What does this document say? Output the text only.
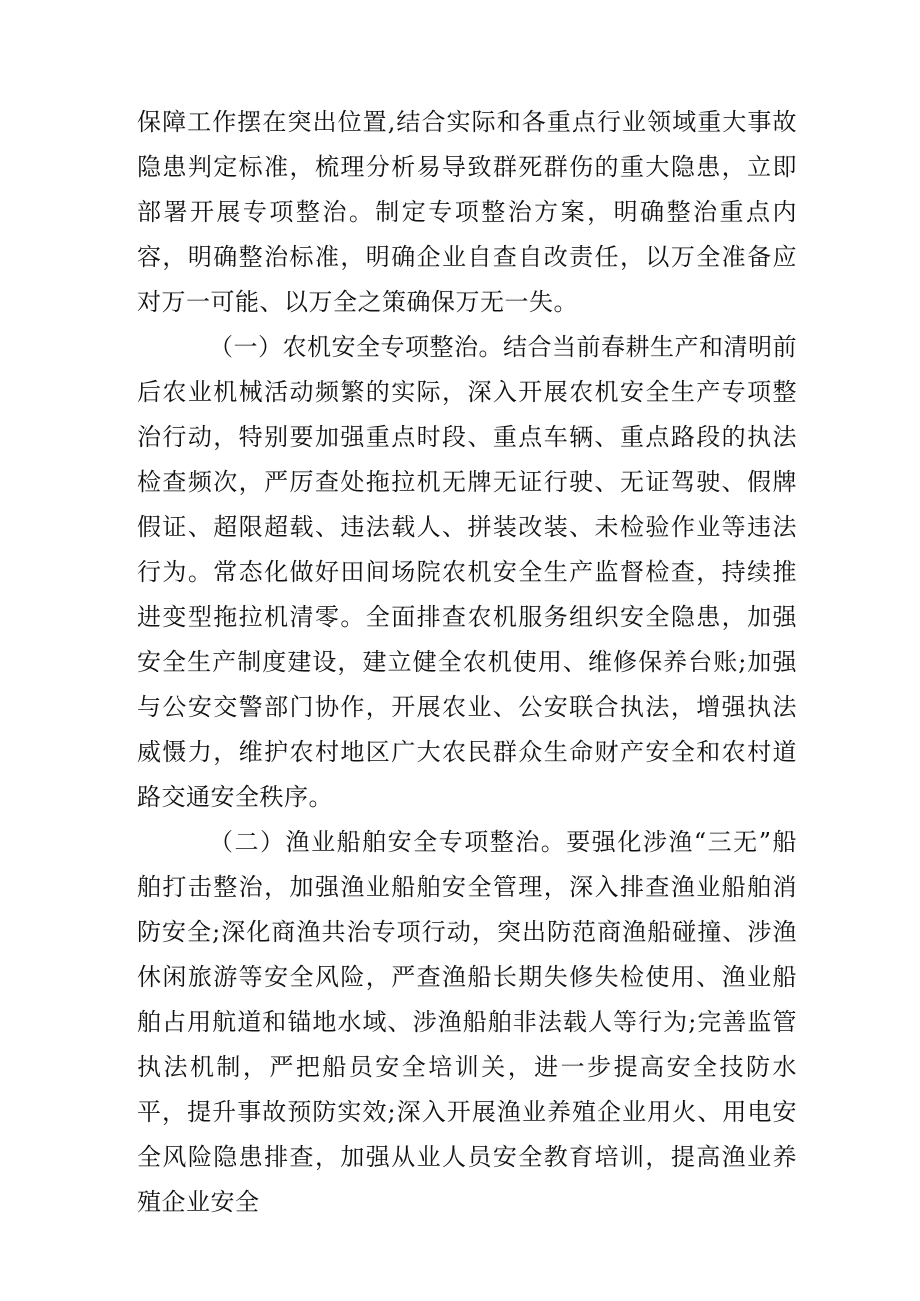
保障工作摆在突出位置,结合实际和各重点行业领域重大事故隐患判定标准，梳理分析易导致群死群伤的重大隐患，立即部署开展专项整治。制定专项整治方案，明确整治重点内容，明确整治标准，明确企业自查自改责任，以万全准备应对万一可能、以万全之策确保万无一失。

（一）农机安全专项整治。结合当前春耕生产和清明前后农业机械活动频繁的实际，深入开展农机安全生产专项整治行动，特别要加强重点时段、重点车辆、重点路段的执法检查频次，严厉查处拖拉机无牌无证行驶、无证驾驶、假牌假证、超限超载、违法载人、拼装改装、未检验作业等违法行为。常态化做好田间场院农机安全生产监督检查，持续推进变型拖拉机清零。全面排查农机服务组织安全隐患，加强安全生产制度建设，建立健全农机使用、维修保养台账;加强与公安交警部门协作，开展农业、公安联合执法，增强执法威慑力，维护农村地区广大农民群众生命财产安全和农村道路交通安全秩序。

（二）渔业船舶安全专项整治。要强化涉渔“三无”船舶打击整治，加强渔业船舶安全管理，深入排查渔业船舶消防安全;深化商渔共治专项行动，突出防范商渔船碰撞、涉渔休闲旅游等安全风险，严查渔船长期失修失检使用、渔业船舶占用航道和锚地水域、涉渔船舶非法载人等行为;完善监管执法机制，严把船员安全培训关，进一步提高安全技防水平，提升事故预防实效;深入开展渔业养殖企业用火、用电安全风险隐患排查，加强从业人员安全教育培训，提高渔业养殖企业安全
